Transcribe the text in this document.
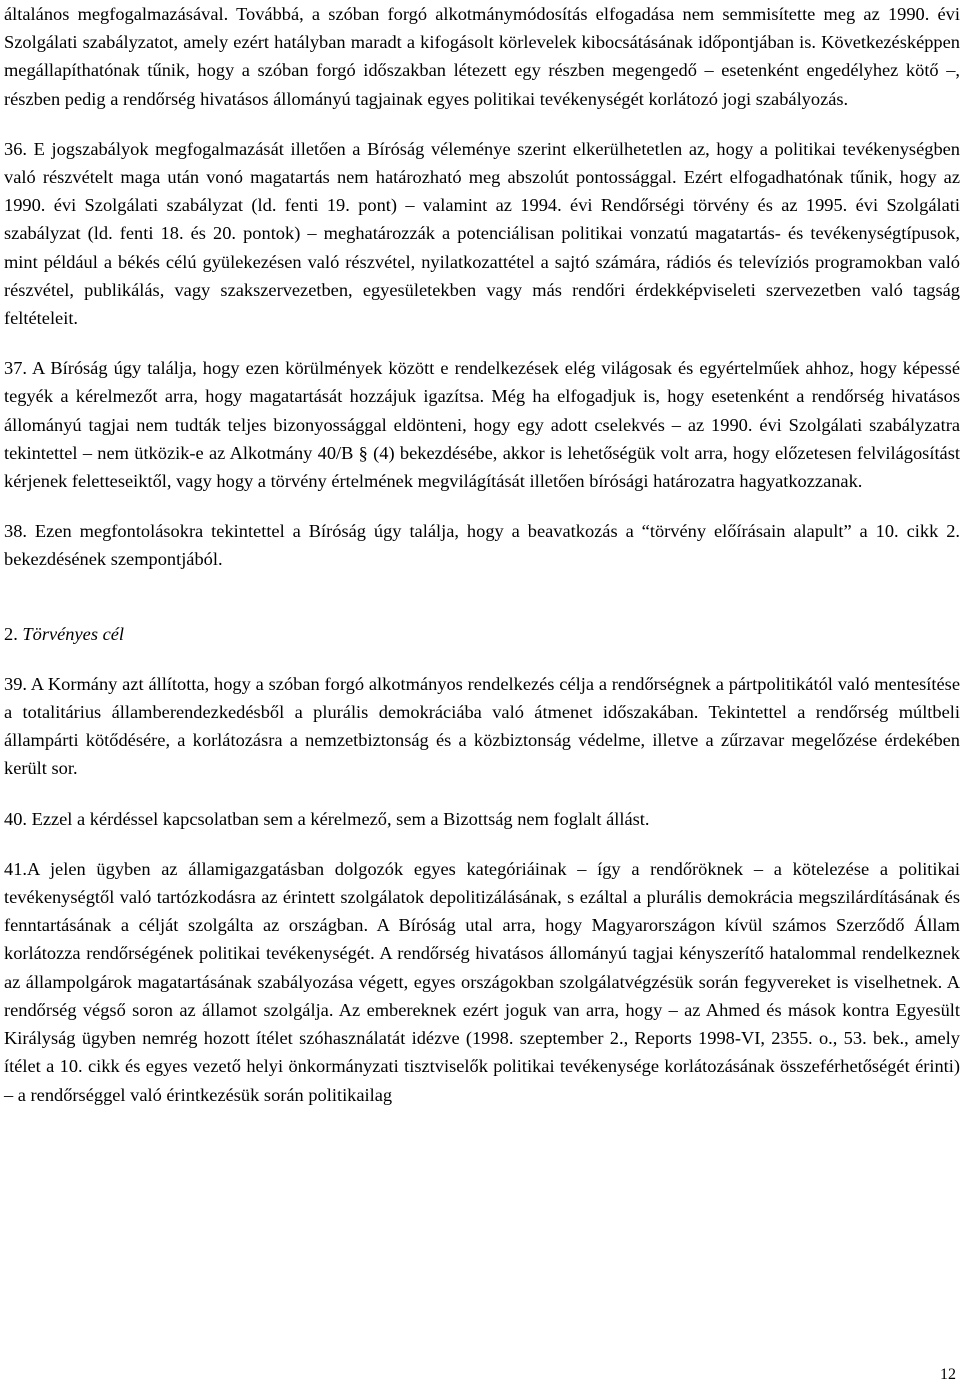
általános megfogalmazásával. Továbbá, a szóban forgó alkotmánymódosítás elfogadása nem semmisítette meg az 1990. évi Szolgálati szabályzatot, amely ezért hatályban maradt a kifogásolt körlevelek kibocsátásának időpontjában is. Következésképpen megállapíthatónak tűnik, hogy a szóban forgó időszakban létezett egy részben megengedő – esetenként engedélyhez kötő –, részben pedig a rendőrség hivatásos állományú tagjainak egyes politikai tevékenységét korlátozó jogi szabályozás.

36. E jogszabályok megfogalmazását illetően a Bíróság véleménye szerint elkerülhetetlen az, hogy a politikai tevékenységben való részvételt maga után vonó magatartás nem határozható meg abszolút pontossággal. Ezért elfogadhatónak tűnik, hogy az 1990. évi Szolgálati szabályzat (ld. fenti 19. pont) – valamint az 1994. évi Rendőrségi törvény és az 1995. évi Szolgálati szabályzat (ld. fenti 18. és 20. pontok) – meghatározzák a potenciálisan politikai vonzatú magatartás- és tevékenységtípusok, mint például a békés célú gyülekezésen való részvétel, nyilatkozattétel a sajtó számára, rádiós és televíziós programokban való részvétel, publikálás, vagy szakszervezetben, egyesületekben vagy más rendőri érdekképviseleti szervezetben való tagság feltételeit.

37. A Bíróság úgy találja, hogy ezen körülmények között e rendelkezések elég világosak és egyértelműek ahhoz, hogy képessé tegyék a kérelmezőt arra, hogy magatartását hozzájuk igazítsa. Még ha elfogadjuk is, hogy esetenként a rendőrség hivatásos állományú tagjai nem tudták teljes bizonyossággal eldönteni, hogy egy adott cselekvés – az 1990. évi Szolgálati szabályzatra tekintettel – nem ütközik-e az Alkotmány 40/B § (4) bekezdésébe, akkor is lehetőségük volt arra, hogy előzetesen felvilágosítást kérjenek feletteseiktől, vagy hogy a törvény értelmének megvilágítását illetően bírósági határozatra hagyatkozzanak.

38. Ezen megfontolásokra tekintettel a Bíróság úgy találja, hogy a beavatkozás a “törvény előírásain alapult” a 10. cikk 2. bekezdésének szempontjából.

2. Törvényes cél

39. A Kormány azt állította, hogy a szóban forgó alkotmányos rendelkezés célja a rendőrségnek a pártpolitikától való mentesítése a totalitárius államberendezkedésből a plurális demokráciába való átmenet időszakában. Tekintettel a rendőrség múltbeli állampárti kötődésére, a korlátozásra a nemzetbiztonság és a közbiztonság védelme, illetve a zűrzavar megelőzése érdekében került sor.

40. Ezzel a kérdéssel kapcsolatban sem a kérelmező, sem a Bizottság nem foglalt állást.

41.A jelen ügyben az államigazgatásban dolgozók egyes kategóriáinak – így a rendőröknek – a kötelezése a politikai tevékenységtől való tartózkodásra az érintett szolgálatok depolitizálásának, s ezáltal a plurális demokrácia megszilárdításának és fenntartásának a célját szolgálta az országban. A Bíróság utal arra, hogy Magyarországon kívül számos Szerződő Állam korlátozza rendőrségének politikai tevékenységét. A rendőrség hivatásos állományú tagjai kényszerítő hatalommal rendelkeznek az állampolgárok magatartásának szabályozása végett, egyes országokban szolgálatvégzésük során fegyvereket is viselhetnek. A rendőrség végső soron az államot szolgálja. Az embereknek ezért joguk van arra, hogy – az Ahmed és mások kontra Egyesült Királyság ügyben nemrég hozott ítélet szóhasználatát idézve (1998. szeptember 2., Reports 1998-VI, 2355. o., 53. bek., amely ítélet a 10. cikk és egyes vezető helyi önkormányzati tisztviselők politikai tevékenysége korlátozásának összeférhetőségét érinti) – a rendőrséggel való érintkezésük során politikailag

12
